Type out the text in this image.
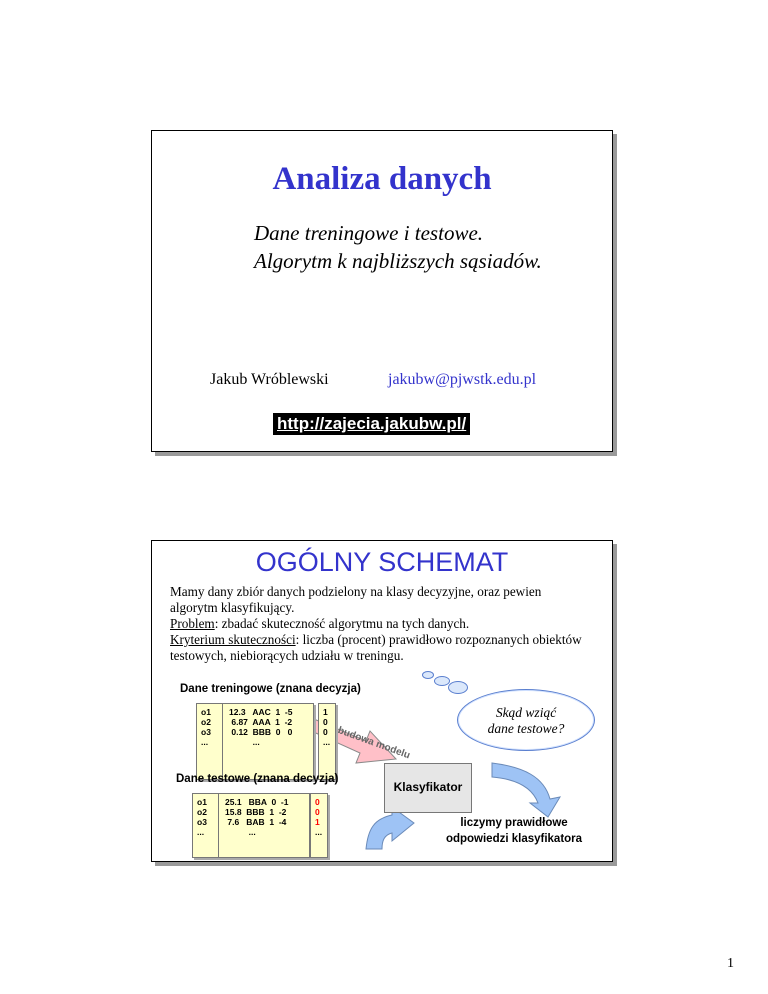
Analiza danych
Dane treningowe i testowe.
Algorytm k najbliższych sąsiadów.
Jakub Wróblewski	jakubw@pjwstk.edu.pl
http://zajecia.jakubw.pl/
OGÓLNY SCHEMAT
Mamy dany zbiór danych podzielony na klasy decyzyjne, oraz pewien algorytm klasyfikujący.
Problem: zbadać skuteczność algorytmu na tych danych.
Kryterium skuteczności: liczba (procent) prawidłowo rozpoznanych obiektów testowych, niebiorących udziału w treningu.
budowa modelu
Dane treningowe (znana decyzja)
o1
o2
o3
...
12.3   AAC  1  -5
6.87  AAA  1  -2
0.12  BBB  0   0
...
1
0
0
...
Dane testowe (znana decyzja)
o1
o2
o3
...
25.1   BBA  0  -1
15.8  BBB  1  -2
7.6   BAB  1  -4
...
0
0
1
...
Klasyfikator
Skąd wziąć
dane testowe?
liczymy prawidłowe
odpowiedzi klasyfikatora
1
